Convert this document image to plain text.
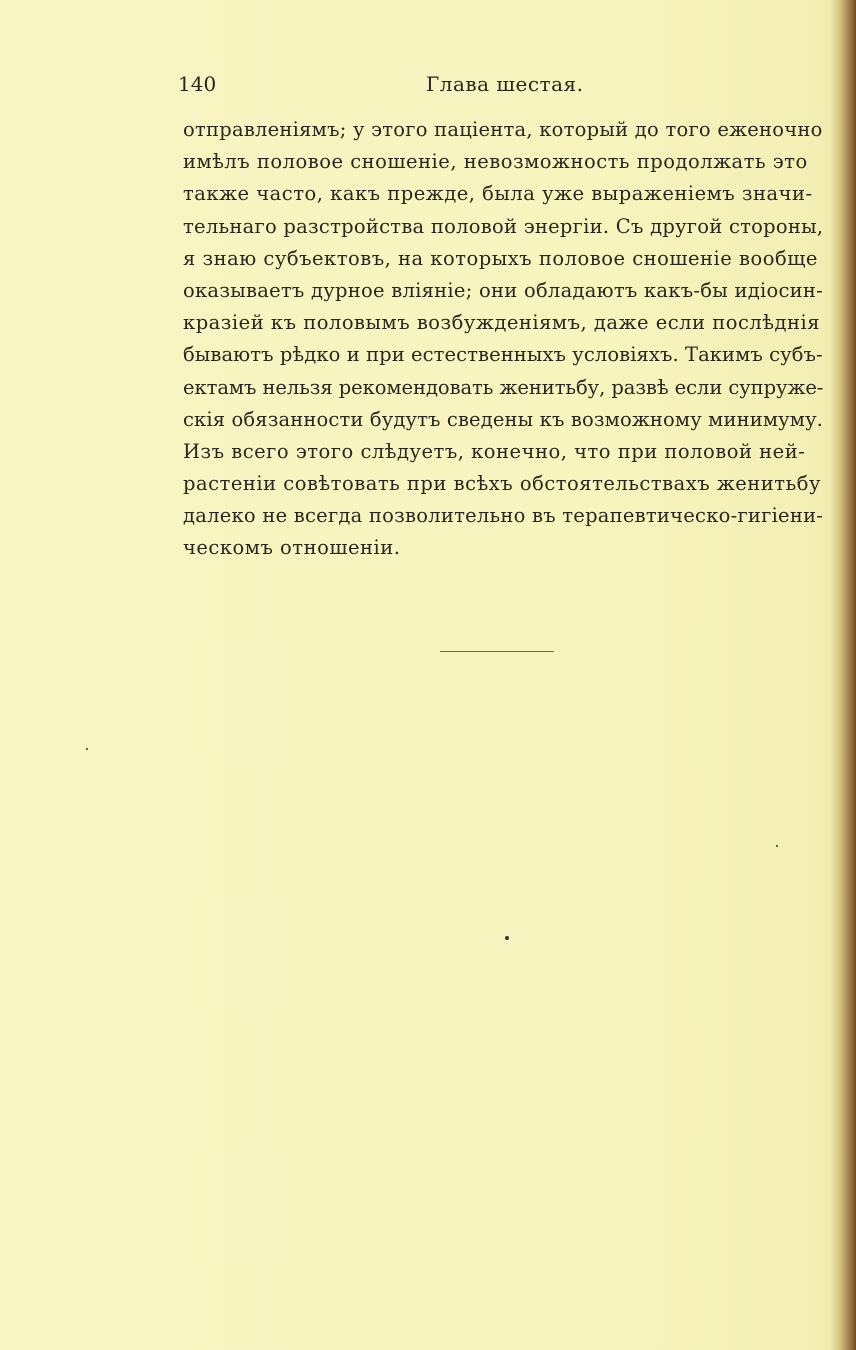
140	Глава шестая.
отправленіямъ; у этого пацiента, который до того еженочно
имѣлъ половое сношеніе, невозможность продолжать это
также часто, какъ прежде, была уже выраженіемъ значи-
тельнаго разстройства половой энергіи. Съ другой стороны,
я знаю субъектовъ, на которыхъ половое сношеніе вообще
оказываетъ дурное вліяніе; они обладаютъ какъ-бы идiосин-
кразiей къ половымъ возбужденіямъ, даже если послѣднія
бываютъ рѣдко и при естественныхъ условіяхъ. Такимъ субъ-
ектамъ нельзя рекомендовать женитьбу, развѣ если супруже-
скія обязанности будутъ сведены къ возможному минимуму.
Изъ всего этого слѣдуетъ, конечно, что при половой ней-
растеніи совѣтовать при всѣхъ обстоятельствахъ женитьбу
далеко не всегда позволительно въ терапевтическо-гигіени-
ческомъ отношеніи.
